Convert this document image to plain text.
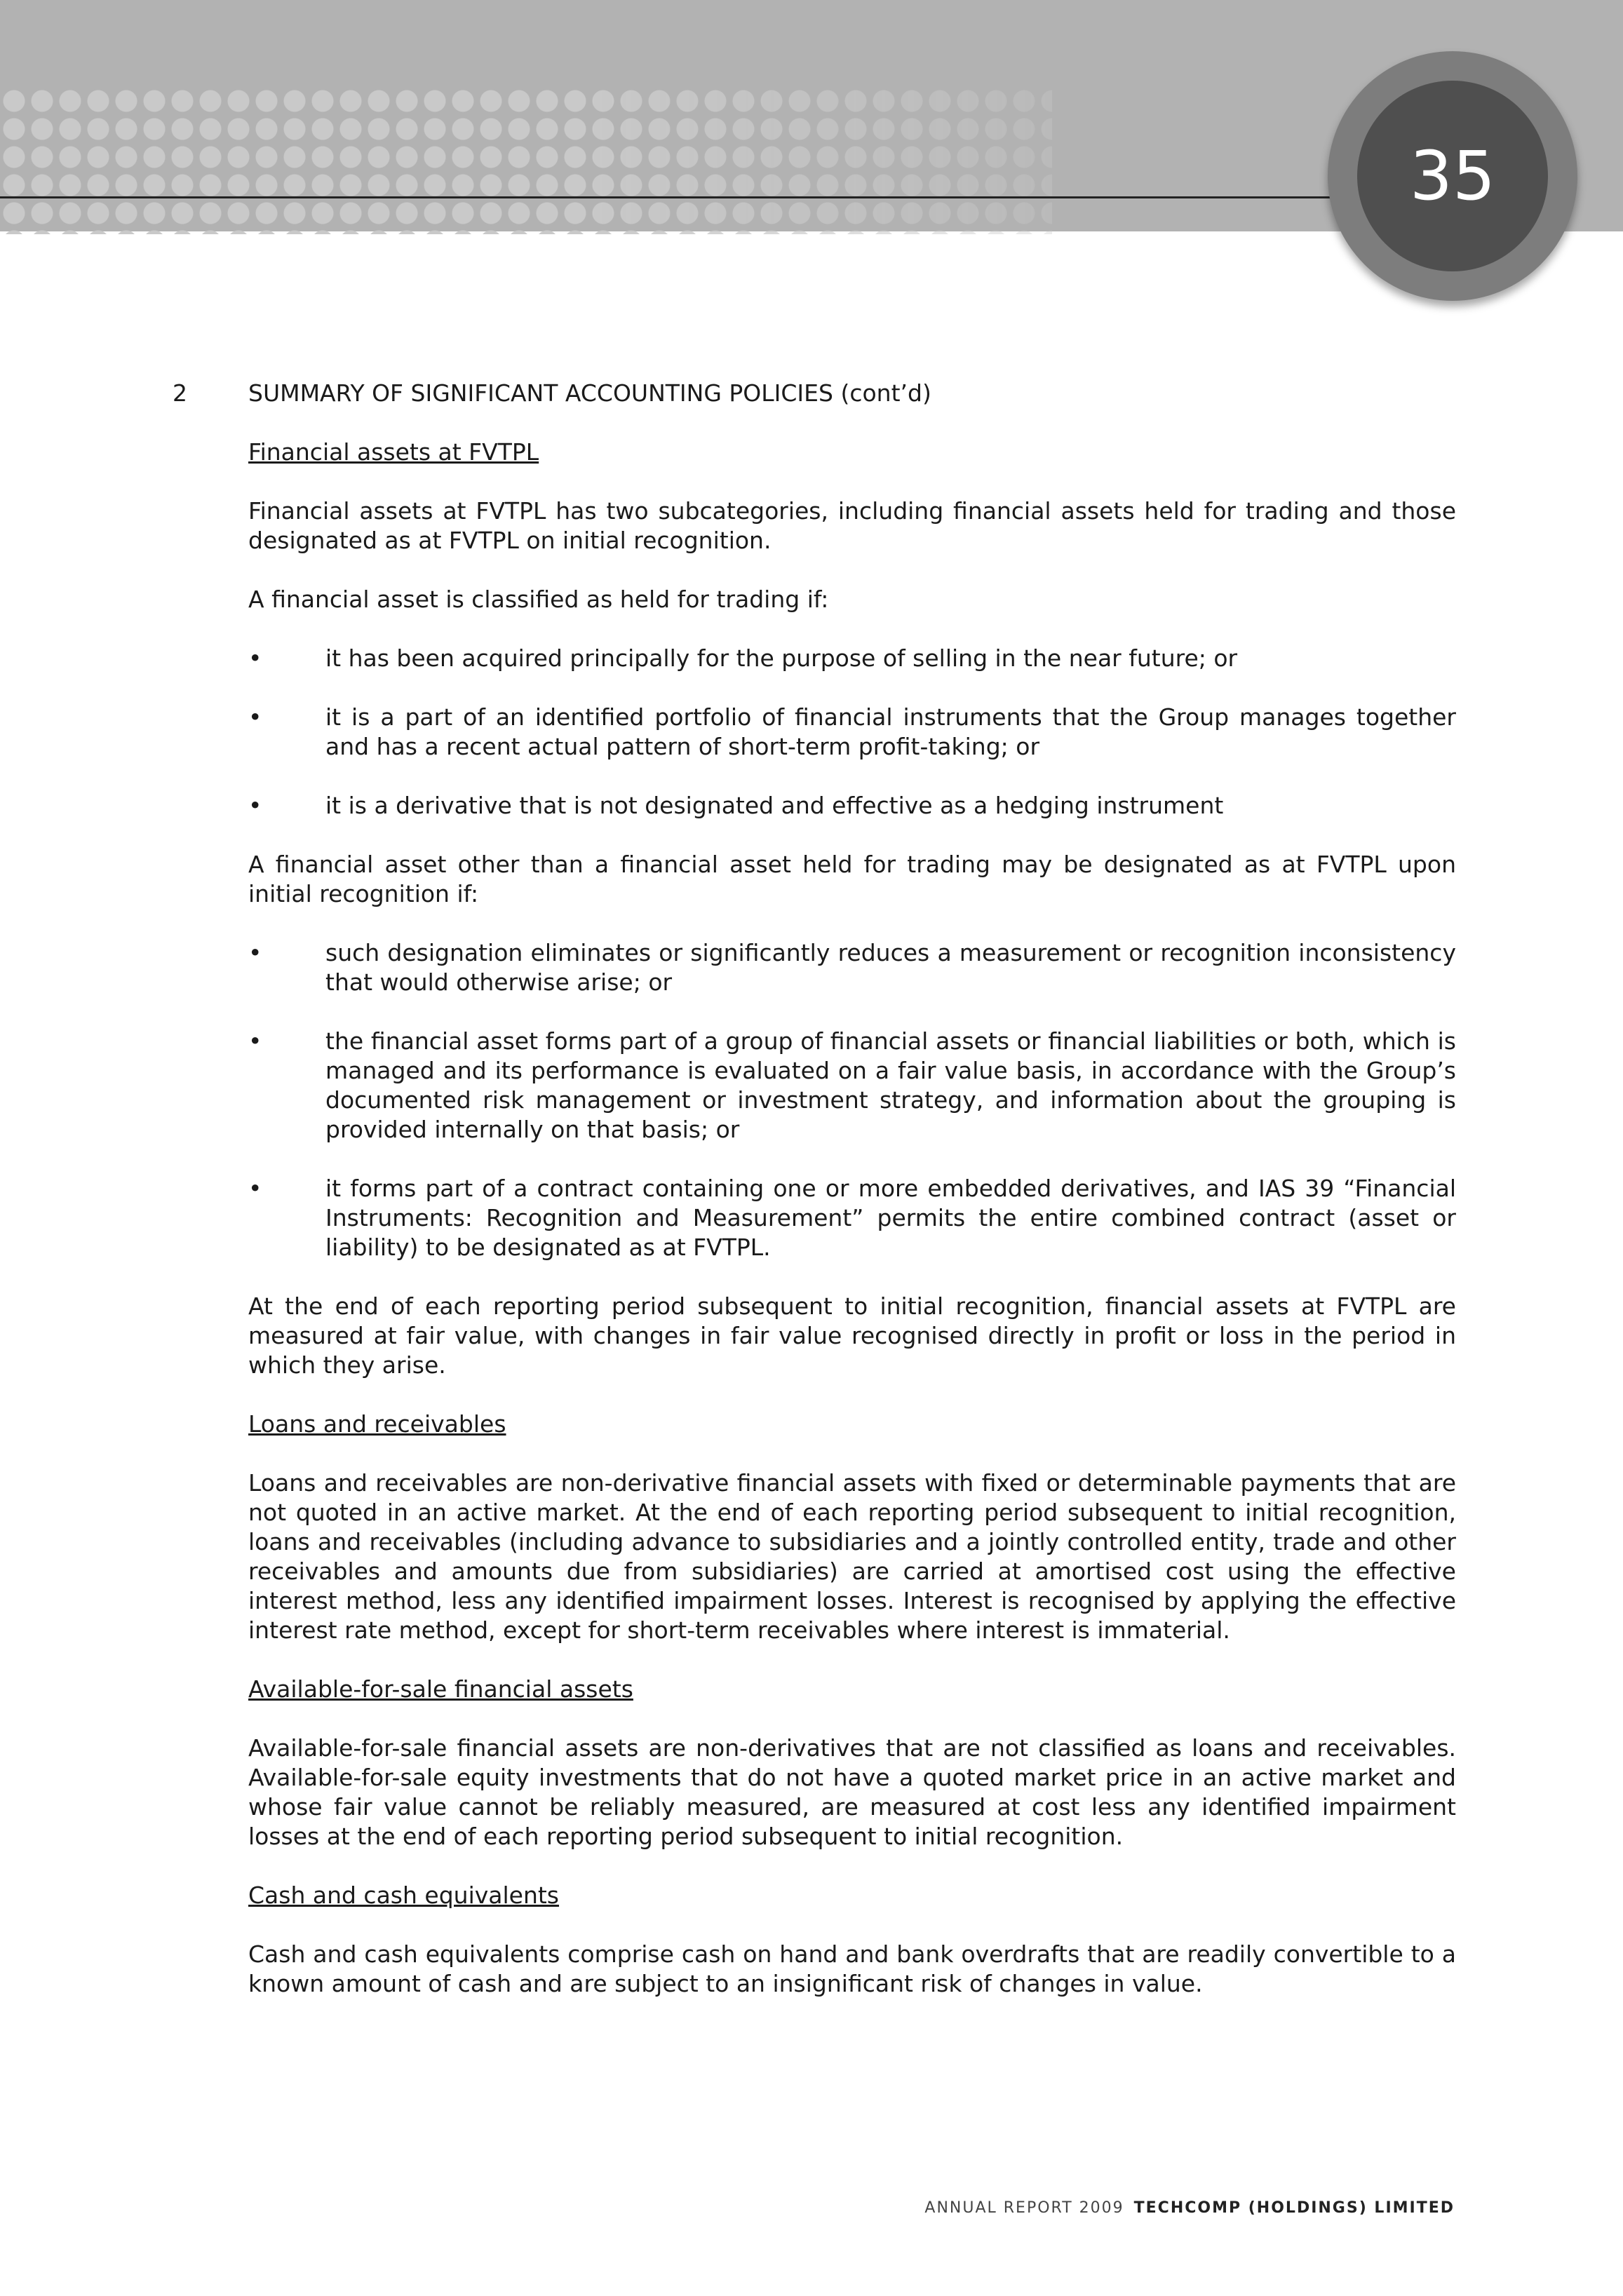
35
2	SUMMARY OF SIGNIFICANT ACCOUNTING POLICIES (cont’d)
Financial assets at FVTPL

Financial assets at FVTPL has two subcategories, including financial assets held for trading and those designated as at FVTPL on initial recognition.

A financial asset is classified as held for trading if:

•	it has been acquired principally for the purpose of selling in the near future; or
•	it is a part of an identified portfolio of financial instruments that the Group manages together and has a recent actual pattern of short-term profit-taking; or
•	it is a derivative that is not designated and effective as a hedging instrument

A financial asset other than a financial asset held for trading may be designated as at FVTPL upon initial recognition if:

•	such designation eliminates or significantly reduces a measurement or recognition inconsistency that would otherwise arise; or
•	the financial asset forms part of a group of financial assets or financial liabilities or both, which is managed and its performance is evaluated on a fair value basis, in accordance with the Group’s documented risk management or investment strategy, and information about the grouping is provided internally on that basis; or
•	it forms part of a contract containing one or more embedded derivatives, and IAS 39 “Financial Instruments: Recognition and Measurement” permits the entire combined contract (asset or liability) to be designated as at FVTPL.

At the end of each reporting period subsequent to initial recognition, financial assets at FVTPL are measured at fair value, with changes in fair value recognised directly in profit or loss in the period in which they arise.

Loans and receivables

Loans and receivables are non-derivative financial assets with fixed or determinable payments that are not quoted in an active market. At the end of each reporting period subsequent to initial recognition, loans and receivables (including advance to subsidiaries and a jointly controlled entity, trade and other receivables and amounts due from subsidiaries) are carried at amortised cost using the effective interest method, less any identified impairment losses. Interest is recognised by applying the effective interest rate method, except for short-term receivables where interest is immaterial.

Available-for-sale financial assets

Available-for-sale financial assets are non-derivatives that are not classified as loans and receivables. Available-for-sale equity investments that do not have a quoted market price in an active market and whose fair value cannot be reliably measured, are measured at cost less any identified impairment losses at the end of each reporting period subsequent to initial recognition.

Cash and cash equivalents

Cash and cash equivalents comprise cash on hand and bank overdrafts that are readily convertible to a known amount of cash and are subject to an insignificant risk of changes in value.

ANNUAL REPORT 2009 TECHCOMP (HOLDINGS) LIMITED
